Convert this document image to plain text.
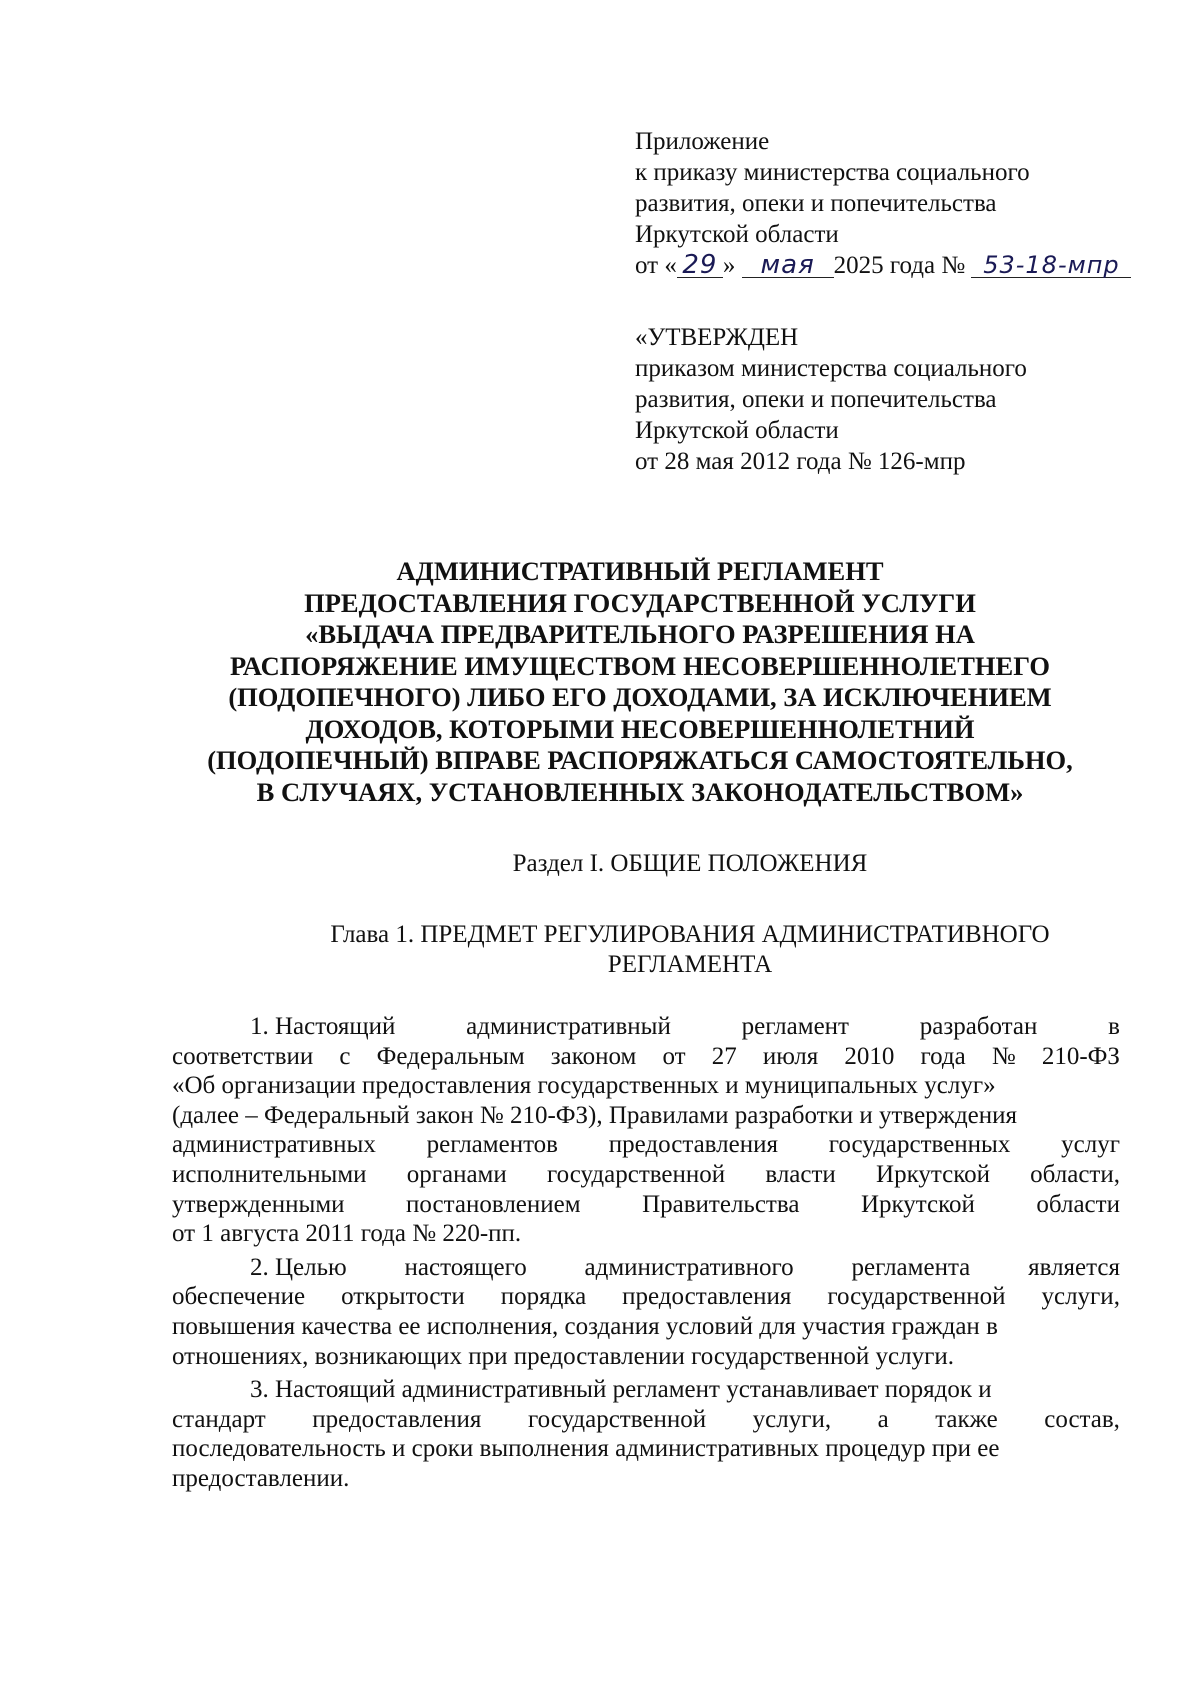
Приложение
к приказу министерства социального
развития, опеки и попечительства
Иркутской области
от « 29 » мая 2025 года № 53-18-мпр
«УТВЕРЖДЕН
приказом министерства социального
развития, опеки и попечительства
Иркутской области
от 28 мая 2012 года № 126-мпр
АДМИНИСТРАТИВНЫЙ РЕГЛАМЕНТ
ПРЕДОСТАВЛЕНИЯ ГОСУДАРСТВЕННОЙ УСЛУГИ
«ВЫДАЧА ПРЕДВАРИТЕЛЬНОГО РАЗРЕШЕНИЯ НА
РАСПОРЯЖЕНИЕ ИМУЩЕСТВОМ НЕСОВЕРШЕННОЛЕТНЕГО
(ПОДОПЕЧНОГО) ЛИБО ЕГО ДОХОДАМИ, ЗА ИСКЛЮЧЕНИЕМ
ДОХОДОВ, КОТОРЫМИ НЕСОВЕРШЕННОЛЕТНИЙ
(ПОДОПЕЧНЫЙ) ВПРАВЕ РАСПОРЯЖАТЬСЯ САМОСТОЯТЕЛЬНО,
В СЛУЧАЯХ, УСТАНОВЛЕННЫХ ЗАКОНОДАТЕЛЬСТВОМ»
Раздел I. ОБЩИЕ ПОЛОЖЕНИЯ
Глава 1. ПРЕДМЕТ РЕГУЛИРОВАНИЯ АДМИНИСТРАТИВНОГО
РЕГЛАМЕНТА
1. Настоящий	административный	регламент	разработан	в
соответствии с Федеральным законом от 27 июля 2010 года № 210-ФЗ
«Об организации предоставления государственных и муниципальных услуг»
(далее – Федеральный закон № 210-ФЗ), Правилами разработки и утверждения
административных регламентов предоставления государственных услуг
исполнительными органами государственной власти Иркутской области,
утвержденными постановлением Правительства Иркутской области
от 1 августа 2011 года № 220-пп.
2. Целью настоящего административного регламента является
обеспечение открытости порядка предоставления государственной услуги,
повышения качества ее исполнения, создания условий для участия граждан в
отношениях, возникающих при предоставлении государственной услуги.
3. Настоящий административный регламент устанавливает порядок и
стандарт предоставления государственной услуги, а также состав,
последовательность и сроки выполнения административных процедур при ее
предоставлении.
